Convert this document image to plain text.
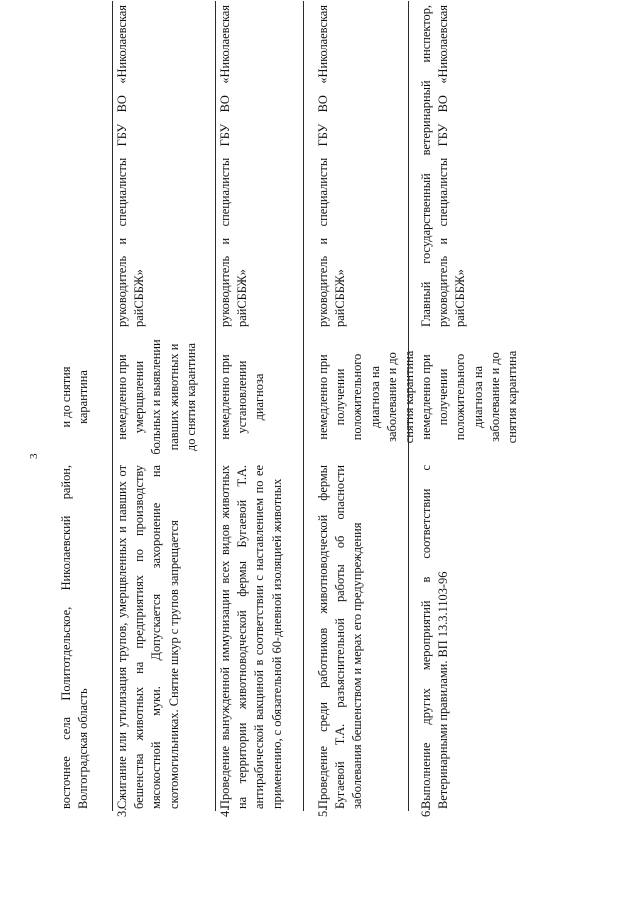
3
восточнее села Политотдельское, Николаевский район, Волгоградская область
и до снятия карантина
3.
Сжигание или утилизация трупов, умерщвленных и павших от бешенства животных на предприятиях по производству мясокостной муки. Допускается захоронение на скотомогильниках. Снятие шкур с трупов запрещается
немедленно при умерщвлении больных и выявлении павших животных и до снятия карантина
руководитель и специалисты ГБУ ВО «Николаевская райСББЖ»
4.
Проведение вынужденной иммунизации всех видов животных на территории животноводческой фермы Бугаевой Т.А. антирабической вакциной в соответствии с наставлением по ее применению, с обязательной 60-дневной изоляцией животных
немедленно при установлении диагноза
руководитель и специалисты ГБУ ВО «Николаевская райСББЖ»
5.
Проведение среди работников животноводческой фермы Бугаевой Т.А. разъяснительной работы об опасности заболевания бешенством и мерах его предупреждения
немедленно при получении положительного диагноза на заболевание и до снятия карантина
руководитель и специалисты ГБУ ВО «Николаевская райСББЖ»
6.
Выполнение других мероприятий в соответствии с Ветеринарными правилами. ВП 13.3.1103-96
немедленно при получении положительного диагноза на заболевание и до снятия карантина
Главный государственный ветеринарный инспектор, руководитель и специалисты ГБУ ВО «Николаевская райСББЖ»
